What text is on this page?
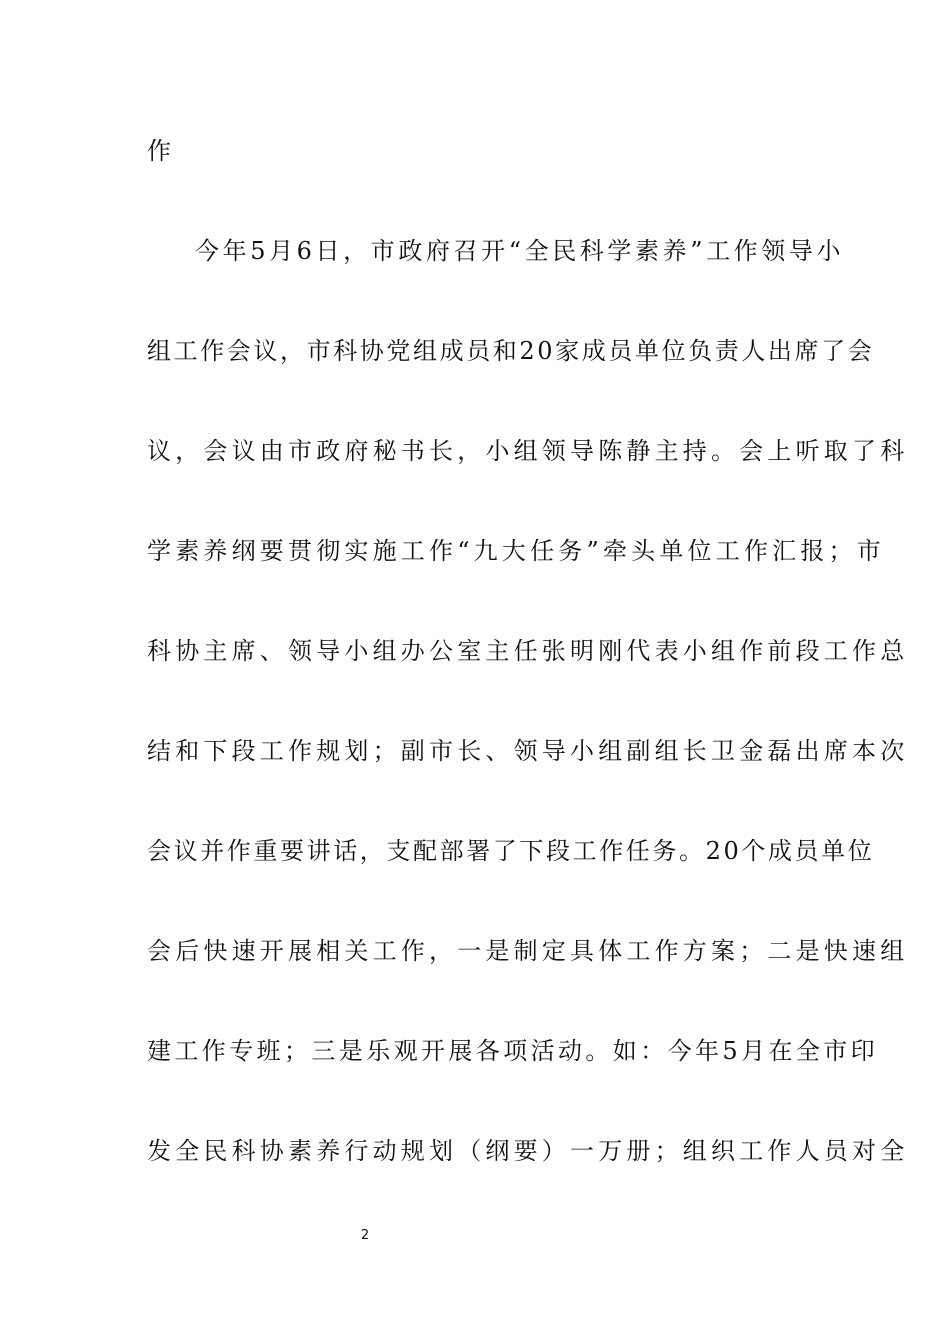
作
今年5月6日，市政府召开“全民科学素养”工作领导小
组工作会议，市科协党组成员和20家成员单位负责人出席了会
议，会议由市政府秘书长，小组领导陈静主持。会上听取了科
学素养纲要贯彻实施工作“九大任务”牵头单位工作汇报；市
科协主席、领导小组办公室主任张明刚代表小组作前段工作总
结和下段工作规划；副市长、领导小组副组长卫金磊出席本次
会议并作重要讲话，支配部署了下段工作任务。20个成员单位
会后快速开展相关工作，一是制定具体工作方案；二是快速组
建工作专班；三是乐观开展各项活动。如：今年5月在全市印
发全民科协素养行动规划（纲要）一万册；组织工作人员对全
2
